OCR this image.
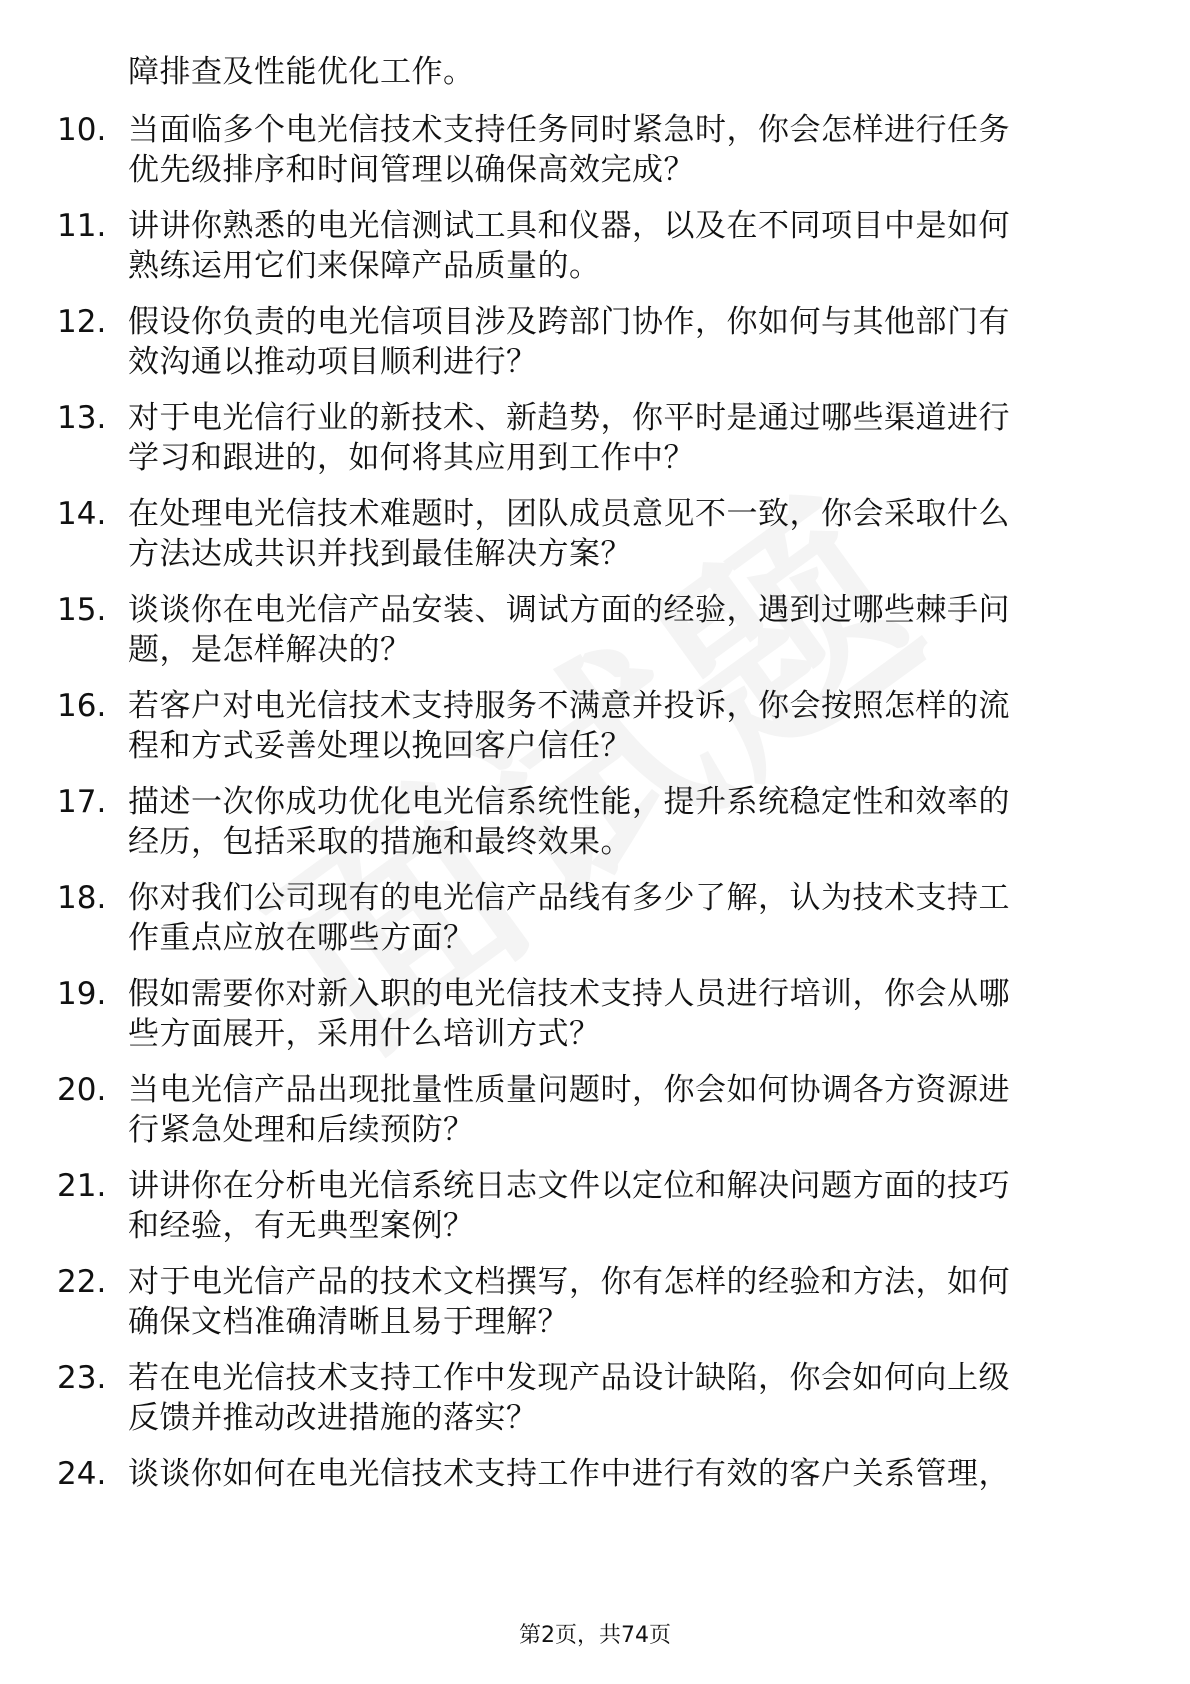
障排查及性能优化工作。
10. 当面临多个电光信技术支持任务同时紧急时，你会怎样进行任务
优先级排序和时间管理以确保高效完成？
11. 讲讲你熟悉的电光信测试工具和仪器，以及在不同项目中是如何
熟练运用它们来保障产品质量的。
12. 假设你负责的电光信项目涉及跨部门协作，你如何与其他部门有
效沟通以推动项目顺利进行？
13. 对于电光信行业的新技术、新趋势，你平时是通过哪些渠道进行
学习和跟进的，如何将其应用到工作中？
14. 在处理电光信技术难题时，团队成员意见不一致，你会采取什么
方法达成共识并找到最佳解决方案？
15. 谈谈你在电光信产品安装、调试方面的经验，遇到过哪些棘手问
题，是怎样解决的？
16. 若客户对电光信技术支持服务不满意并投诉，你会按照怎样的流
程和方式妥善处理以挽回客户信任？
17. 描述一次你成功优化电光信系统性能，提升系统稳定性和效率的
经历，包括采取的措施和最终效果。
18. 你对我们公司现有的电光信产品线有多少了解，认为技术支持工
作重点应放在哪些方面？
19. 假如需要你对新入职的电光信技术支持人员进行培训，你会从哪
些方面展开，采用什么培训方式？
20. 当电光信产品出现批量性质量问题时，你会如何协调各方资源进
行紧急处理和后续预防？
21. 讲讲你在分析电光信系统日志文件以定位和解决问题方面的技巧
和经验，有无典型案例？
22. 对于电光信产品的技术文档撰写，你有怎样的经验和方法，如何
确保文档准确清晰且易于理解？
23. 若在电光信技术支持工作中发现产品设计缺陷，你会如何向上级
反馈并推动改进措施的落实？
24. 谈谈你如何在电光信技术支持工作中进行有效的客户关系管理，
第2页，共74页
